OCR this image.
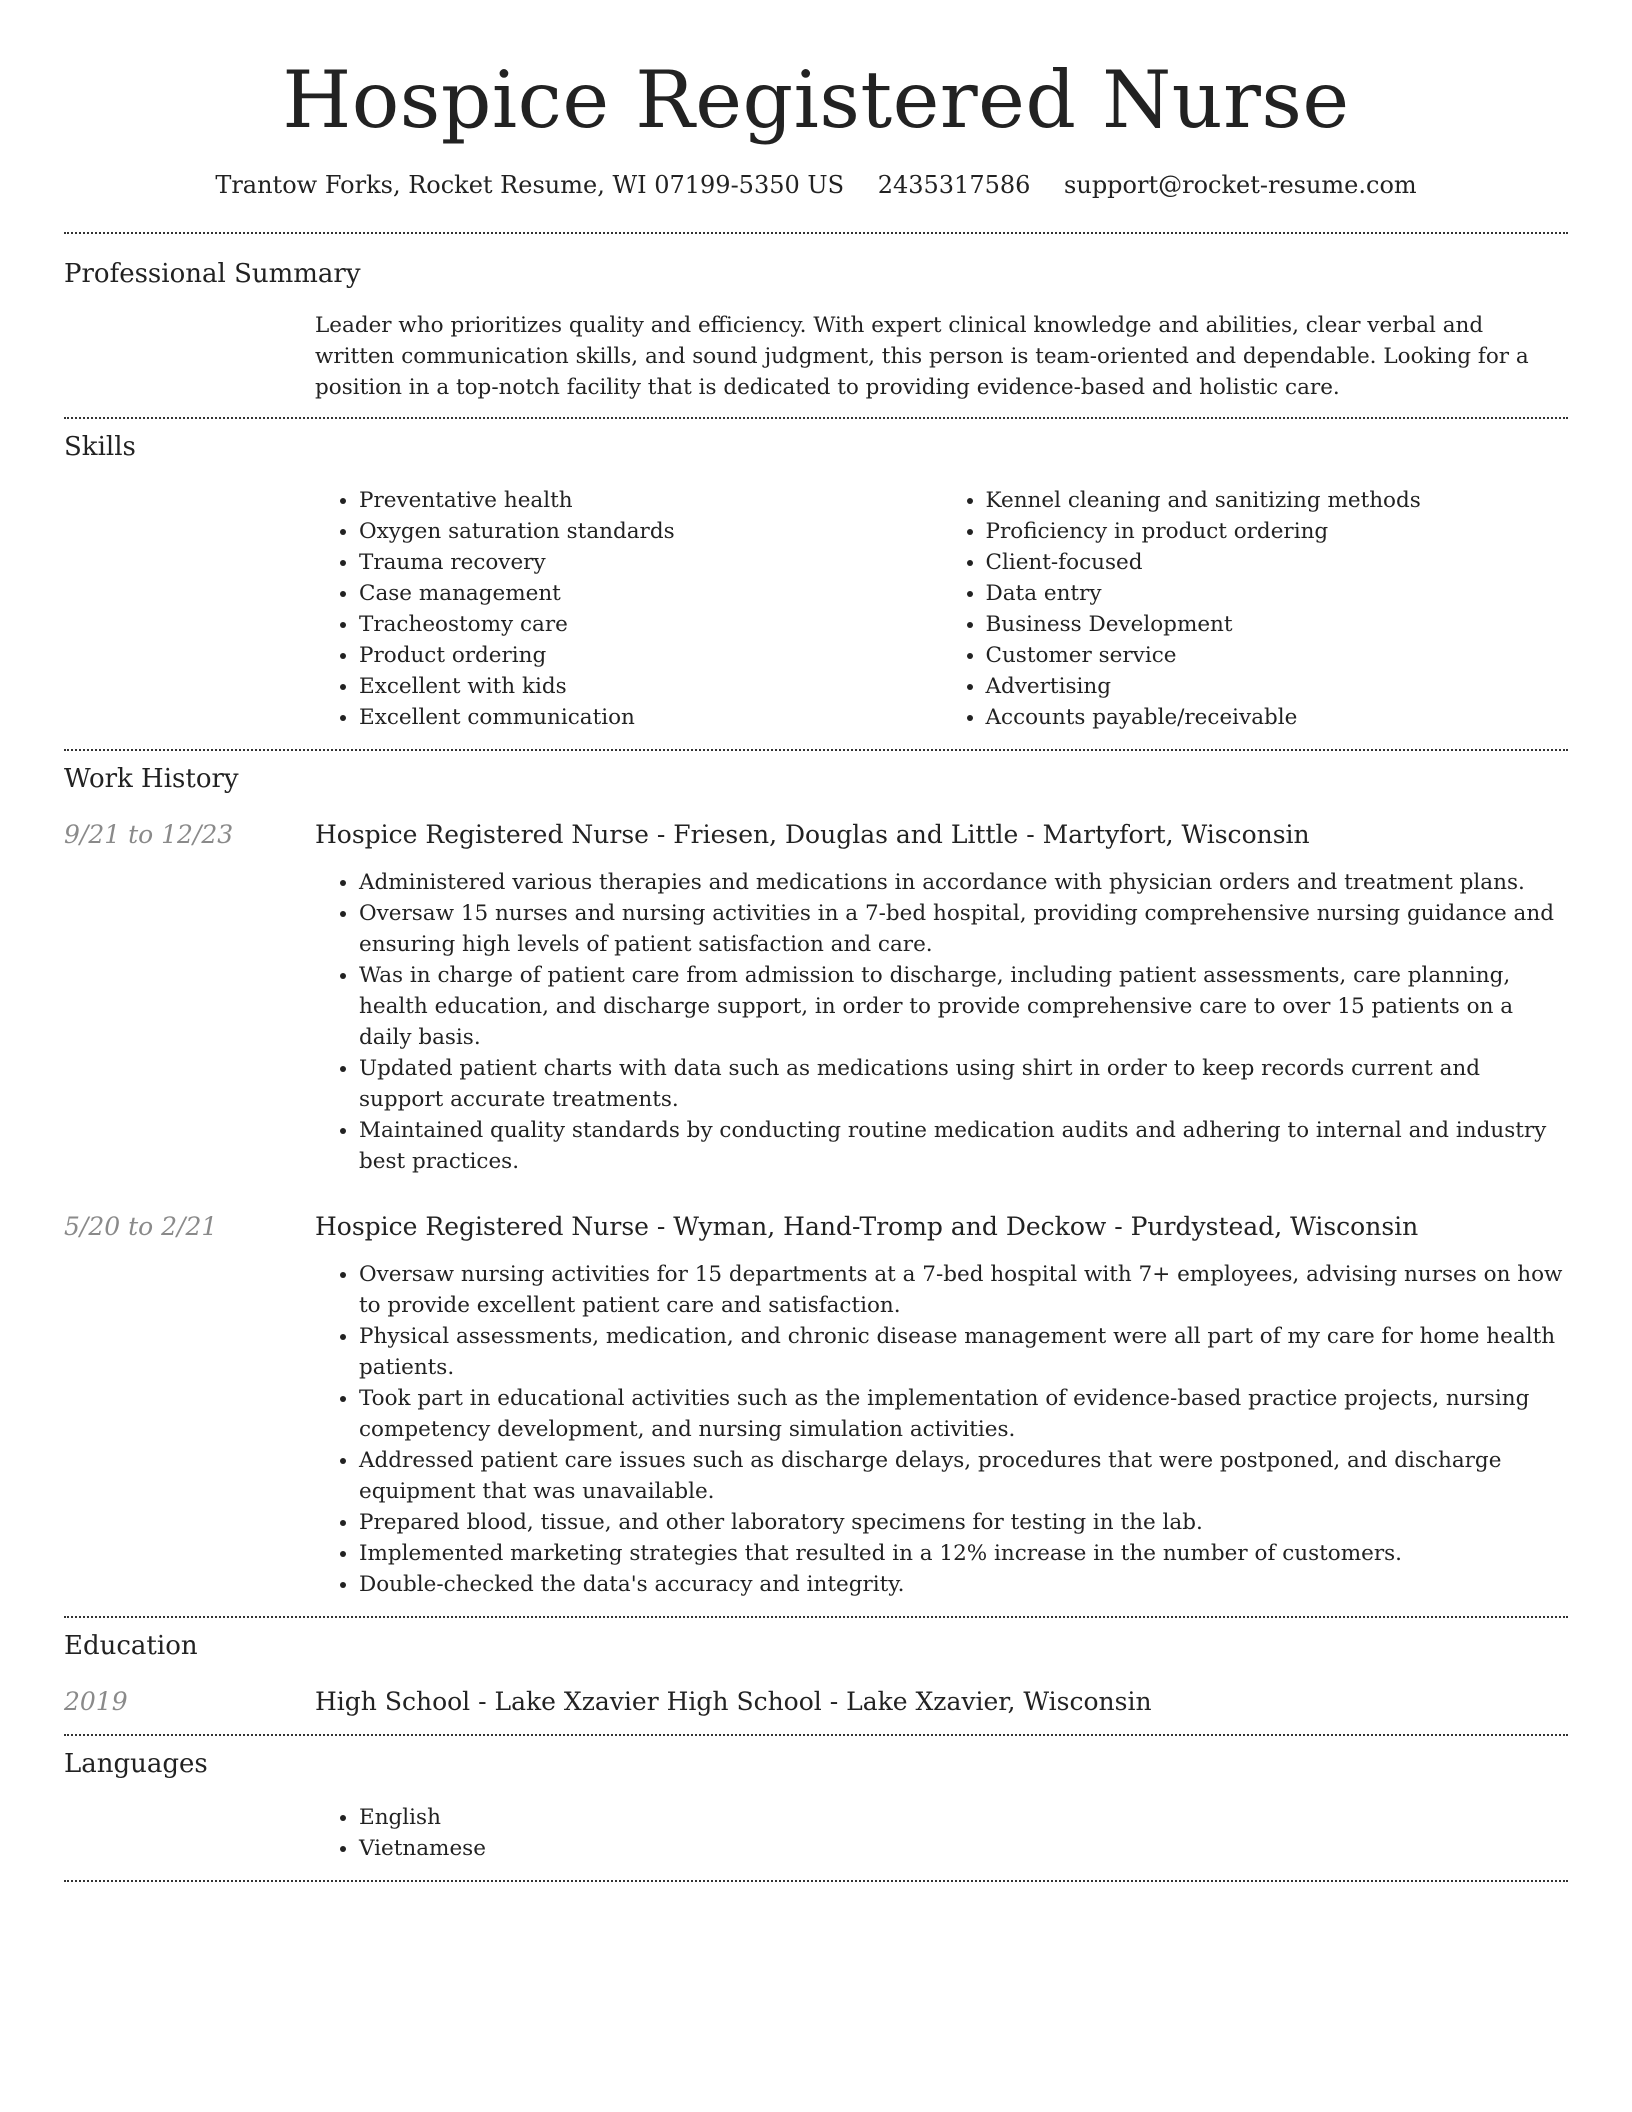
Hospice Registered Nurse
Trantow Forks, Rocket Resume, WI 07199-5350 US 2435317586 support@rocket-resume.com
Professional Summary

Leader who prioritizes quality and efficiency. With expert clinical knowledge and abilities, clear verbal and written communication skills, and sound judgment, this person is team-oriented and dependable. Looking for a position in a top-notch facility that is dedicated to providing evidence-based and holistic care.

Skills
• Preventative health
• Oxygen saturation standards
• Trauma recovery
• Case management
• Tracheostomy care
• Product ordering
• Excellent with kids
• Excellent communication
• Kennel cleaning and sanitizing methods
• Proficiency in product ordering
• Client-focused
• Data entry
• Business Development
• Customer service
• Advertising
• Accounts payable/receivable
Work History
9/21 to 12/23	Hospice Registered Nurse - Friesen, Douglas and Little - Martyfort, Wisconsin
• Administered various therapies and medications in accordance with physician orders and treatment plans.
• Oversaw 15 nurses and nursing activities in a 7-bed hospital, providing comprehensive nursing guidance and ensuring high levels of patient satisfaction and care.
• Was in charge of patient care from admission to discharge, including patient assessments, care planning, health education, and discharge support, in order to provide comprehensive care to over 15 patients on a daily basis.
• Updated patient charts with data such as medications using shirt in order to keep records current and support accurate treatments.
• Maintained quality standards by conducting routine medication audits and adhering to internal and industry best practices.
5/20 to 2/21	Hospice Registered Nurse - Wyman, Hand-Tromp and Deckow - Purdystead, Wisconsin
• Oversaw nursing activities for 15 departments at a 7-bed hospital with 7+ employees, advising nurses on how to provide excellent patient care and satisfaction.
• Physical assessments, medication, and chronic disease management were all part of my care for home health patients.
• Took part in educational activities such as the implementation of evidence-based practice projects, nursing competency development, and nursing simulation activities.
• Addressed patient care issues such as discharge delays, procedures that were postponed, and discharge equipment that was unavailable.
• Prepared blood, tissue, and other laboratory specimens for testing in the lab.
• Implemented marketing strategies that resulted in a 12% increase in the number of customers.
• Double-checked the data's accuracy and integrity.
Education
2019	High School - Lake Xzavier High School - Lake Xzavier, Wisconsin
Languages
• English
• Vietnamese
